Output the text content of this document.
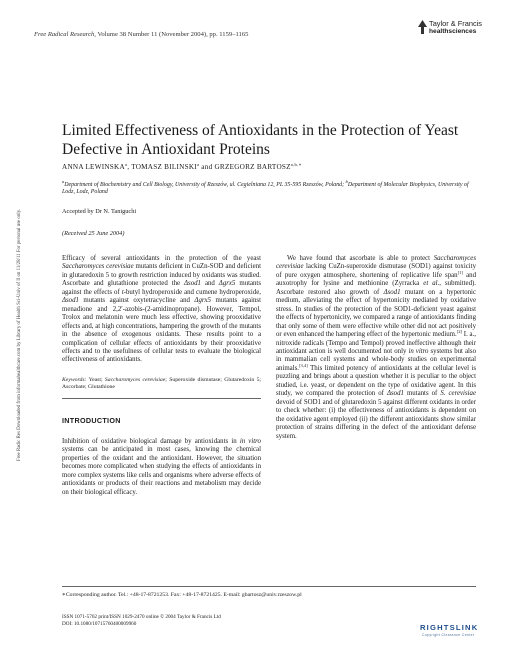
Free Radical Research, Volume 38 Number 11 (November 2004), pp. 1159–1165
Taylor & Francis
healthsciences
Free Radic Res Downloaded from informahealthcare.com by Library of Health Sci-Univ of Il on 11/28/11 For personal use only.
Limited Effectiveness of Antioxidants in the Protection of Yeast Defective in Antioxidant Proteins
ANNA LEWINSKA$^a$, TOMASZ BILINSKI$^a$ and GRZEGORZ $BARTOSZ^{a,b,∗}$
$^a$Department of Biochemistry and Cell Biology, University of Rzeszów, ul. Cegielniana 12, PL 35-595 Rzeszów, Poland; $^b$Department of Molecular Biophysics, University of Lodz, Lodz, Poland
Accepted by Dr N. Taniguchi
(Received 25 June 2004)

Efficacy of several antioxidants in the protection of the yeast Saccharomyces cerevisiae mutants deficient in CuZn-SOD and deficient in glutaredoxin 5 to growth restriction induced by oxidants was studied. Ascorbate and glutathione protected the Δsod1 and Δgrx5 mutants against the effects of t-butyl hydroperoxide and cumene hydroperoxide, Δsod1 mutants against oxytetracycline and Δgrx5 mutants against menadione and 2,2′-azobis-(2-amidinopropane). However, Tempol, Trolox and melatonin were much less effective, showing prooxidative effects and, at high concentrations, hampering the growth of the mutants in the absence of exogenous oxidants. These results point to a complication of cellular effects of antioxidants by their prooxidative effects and to the usefulness of cellular tests to evaluate the biological effectiveness of antioxidants.

Keywords: Yeast; Saccharomyces cerevisiae; Superoxide dismutase; Glutaredoxin 5; Ascorbate; Glutathione

INTRODUCTION

Inhibition of oxidative biological damage by antioxidants in in vitro systems can be anticipated in most cases, knowing the chemical properties of the oxidant and the antioxidant. However, the situation becomes more complicated when studying the effects of antioxidants in more complex systems like cells and organisms where adverse effects of antioxidants or products of their reactions and metabolism may decide on their biological efficacy.

We have found that ascorbate is able to protect Saccharomyces cerevisiae lacking CuZn-superoxide dismutase (SOD1) against toxicity of pure oxygen atmosphere, shortening of replicative life span[1] and auxotrophy for lysine and methionine (Zyrracka et al., submitted). Ascorbate restored also growth of Δsod1 mutant on a hypertonic medium, alleviating the effect of hypertonicity mediated by oxidative stress. In studies of the protection of the SOD1-deficient yeast against the effects of hypertonicity, we compared a range of antioxidants finding that only some of them were effective while other did not act positively or even enhanced the hampering effect of the hypertonic medium.[2] I. a., nitroxide radicals (Tempo and Tempol) proved ineffective although their antioxidant action is well documented not only in vitro systems but also in mammalian cell systems and whole-body studies on experimental animals.[3,4] This limited potency of antioxidants at the cellular level is puzzling and brings about a question whether it is peculiar to the object studied, i.e. yeast, or dependent on the type of oxidative agent. In this study, we compared the protection of Δsod1 mutants of S. cerevisiae devoid of SOD1 and of glutaredoxin 5 against different oxidants in order to check whether: (i) the effectiveness of antioxidants is dependent on the oxidative agent employed (ii) the different antioxidants show similar protection of strains differing in the defect of the antioxidant defense system.

∗Corresponding author. Tel.: +48-17-8721253. Fax: +48-17-8721425. E-mail: gbartosz@univ.rzeszow.pl
ISSN 1071-5762 print/ISSN 1029-2470 online © 2004 Taylor & Francis Ltd
DOI: 10.1080/10715760400009960	RIGHTSLINK
Copyright Clearance Center
